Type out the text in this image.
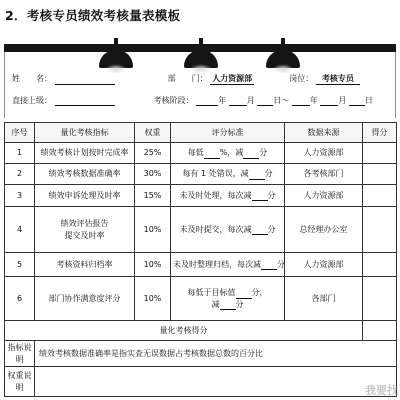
2．考核专员绩效考核量表模板
姓　　名：	部　　门： 人力资源部	岗位： 考核专员
直接上级：	考核阶段：	年	月 日～	年	月 日
序号	量化考核指标	权重	评分标准	数据来源	得分
1	绩效考核计划按时完成率	25%	每低 %，减 分	人力资源部	
2	绩效考核数据准确率	30%	每有 1 处错误，减 分	各考核部门	
3	绩效申诉处理及时率	15%	未及时处理，每次减 分	人力资源部	
4	绩效评估报告
提交及时率	10%	未及时提交，每次减 分	总经理办公室	
5	考核资料归档率	10%	未及时整理归档，每次减 分	人力资源部	
6	部门协作满意度评分	10%	每低于目标值 分，
减 分	各部门	
量化考核得分					
指标说明	绩效考核数据准确率是指实查无误数据占考核数据总数的百分比				
权重说明						我要找
